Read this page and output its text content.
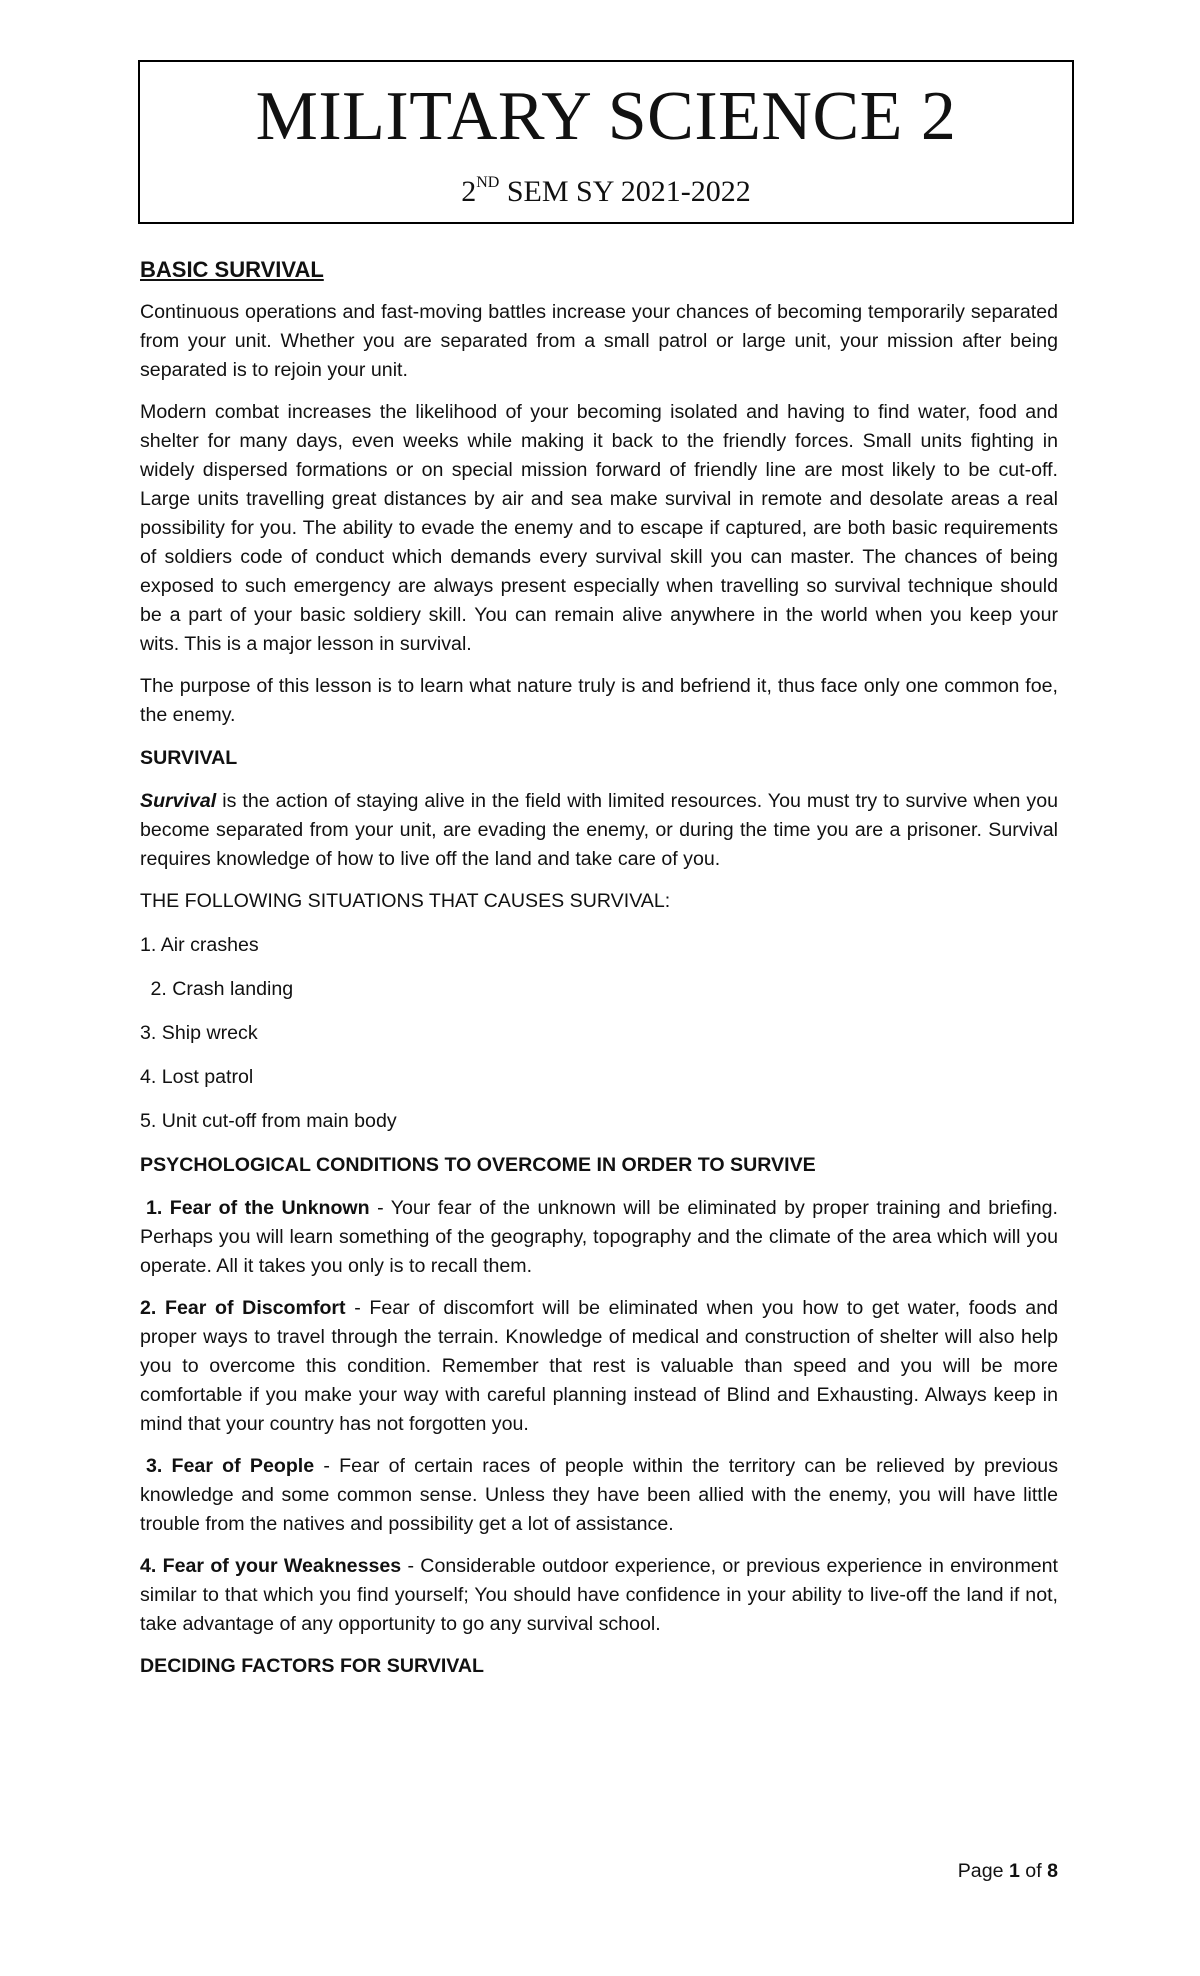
MILITARY SCIENCE 2
2ND SEM SY 2021-2022
BASIC SURVIVAL

Continuous operations and fast-moving battles increase your chances of becoming temporarily separated from your unit. Whether you are separated from a small patrol or large unit, your mission after being separated is to rejoin your unit.

Modern combat increases the likelihood of your becoming isolated and having to find water, food and shelter for many days, even weeks while making it back to the friendly forces. Small units fighting in widely dispersed formations or on special mission forward of friendly line are most likely to be cut-off. Large units travelling great distances by air and sea make survival in remote and desolate areas a real possibility for you. The ability to evade the enemy and to escape if captured, are both basic requirements of soldiers code of conduct which demands every survival skill you can master. The chances of being exposed to such emergency are always present especially when travelling so survival technique should be a part of your basic soldiery skill. You can remain alive anywhere in the world when you keep your wits. This is a major lesson in survival.

The purpose of this lesson is to learn what nature truly is and befriend it, thus face only one common foe, the enemy.

SURVIVAL

Survival is the action of staying alive in the field with limited resources. You must try to survive when you become separated from your unit, are evading the enemy, or during the time you are a prisoner. Survival requires knowledge of how to live off the land and take care of you.

THE FOLLOWING SITUATIONS THAT CAUSES SURVIVAL:
1. Air crashes
2. Crash landing
3. Ship wreck
4. Lost patrol
5. Unit cut-off from main body
PSYCHOLOGICAL CONDITIONS TO OVERCOME IN ORDER TO SURVIVE

1. Fear of the Unknown - Your fear of the unknown will be eliminated by proper training and briefing. Perhaps you will learn something of the geography, topography and the climate of the area which will you operate. All it takes you only is to recall them.

2. Fear of Discomfort - Fear of discomfort will be eliminated when you how to get water, foods and proper ways to travel through the terrain. Knowledge of medical and construction of shelter will also help you to overcome this condition. Remember that rest is valuable than speed and you will be more comfortable if you make your way with careful planning instead of Blind and Exhausting. Always keep in mind that your country has not forgotten you.

3. Fear of People - Fear of certain races of people within the territory can be relieved by previous knowledge and some common sense. Unless they have been allied with the enemy, you will have little trouble from the natives and possibility get a lot of assistance.

4. Fear of your Weaknesses - Considerable outdoor experience, or previous experience in environment similar to that which you find yourself; You should have confidence in your ability to live-off the land if not, take advantage of any opportunity to go any survival school.

DECIDING FACTORS FOR SURVIVAL
Page 1 of 8
